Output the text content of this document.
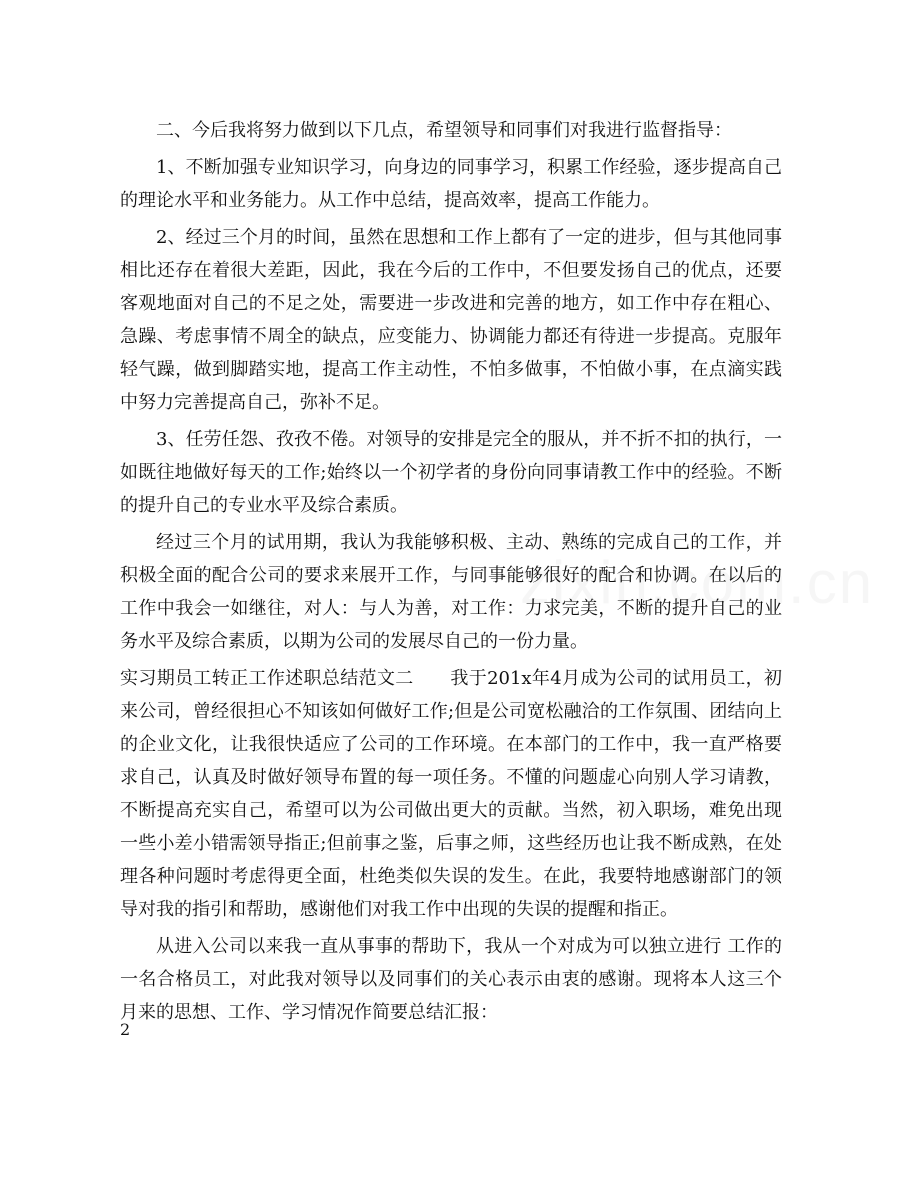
二、今后我将努力做到以下几点，希望领导和同事们对我进行监督指导：

1、不断加强专业知识学习，向身边的同事学习，积累工作经验，逐步提高自己的理论水平和业务能力。从工作中总结，提高效率，提高工作能力。

2、经过三个月的时间，虽然在思想和工作上都有了一定的进步，但与其他同事相比还存在着很大差距，因此，我在今后的工作中，不但要发扬自己的优点，还要客观地面对自己的不足之处，需要进一步改进和完善的地方，如工作中存在粗心、急躁、考虑事情不周全的缺点，应变能力、协调能力都还有待进一步提高。克服年轻气躁，做到脚踏实地，提高工作主动性，不怕多做事，不怕做小事，在点滴实践中努力完善提高自己，弥补不足。

3、任劳任怨、孜孜不倦。对领导的安排是完全的服从，并不折不扣的执行，一如既往地做好每天的工作;始终以一个初学者的身份向同事请教工作中的经验。不断的提升自己的专业水平及综合素质。

经过三个月的试用期，我认为我能够积极、主动、熟练的完成自己的工作，并积极全面的配合公司的要求来展开工作，与同事能够很好的配合和协调。在以后的工作中我会一如继往，对人：与人为善，对工作：力求完美，不断的提升自己的业务水平及综合素质，以期为公司的发展尽自己的一份力量。

实习期员工转正工作述职总结范文二　　我于201x年4月成为公司的试用员工，初来公司，曾经很担心不知该如何做好工作;但是公司宽松融洽的工作氛围、团结向上的企业文化，让我很快适应了公司的工作环境。在本部门的工作中，我一直严格要求自己，认真及时做好领导布置的每一项任务。不懂的问题虚心向别人学习请教，不断提高充实自己，希望可以为公司做出更大的贡献。当然，初入职场，难免出现一些小差小错需领导指正;但前事之鉴，后事之师，这些经历也让我不断成熟，在处理各种问题时考虑得更全面，杜绝类似失误的发生。在此，我要特地感谢部门的领导对我的指引和帮助，感谢他们对我工作中出现的失误的提醒和指正。

从进入公司以来我一直从事事的帮助下，我从一个对成为可以独立进行 工作的一名合格员工，对此我对领导以及同事们的关心表示由衷的感谢。现将本人这三个月来的思想、工作、学习情况作简要总结汇报：

2
